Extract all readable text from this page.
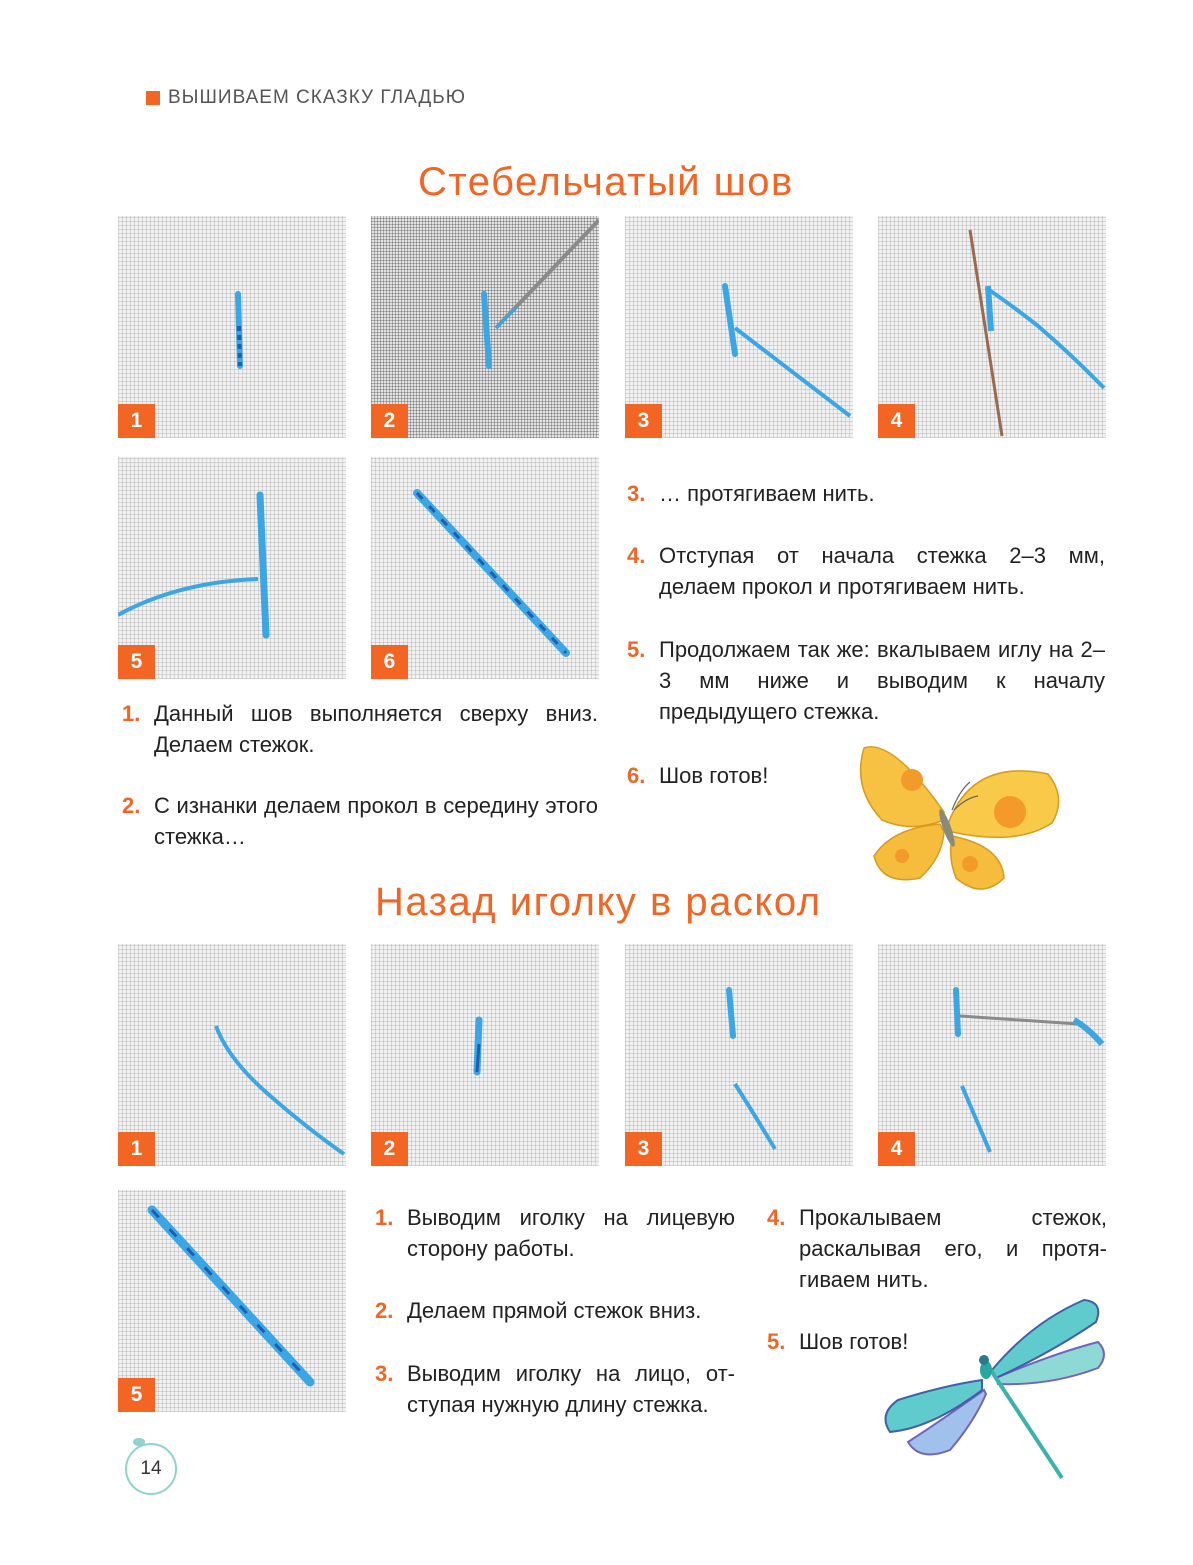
ВЫШИВАЕМ СКАЗКУ ГЛАДЬЮ
Стебельчатый шов
1	2	3	4
5	6
1. Данный шов выполняется сверху вниз. Делаем стежок.
2. С изнанки делаем прокол в середину этого стежка…
3. … протягиваем нить.
4. Отступая от начала стежка 2–3 мм, делаем прокол и протягиваем нить.
5. Продолжаем так же: вкалываем иглу на 2–3 мм ниже и выводим к началу предыдущего стежка.
6. Шов готов!
Назад иголку в раскол
1	2	3	4
5
1. Выводим иголку на лицевую сторону работы.
2. Делаем прямой стежок вниз.
3. Выводим иголку на лицо, отступая нужную длину стежка.
4. Прокалываем стежок, раскалывая его, и протягиваем нить.
5. Шов готов!
14
